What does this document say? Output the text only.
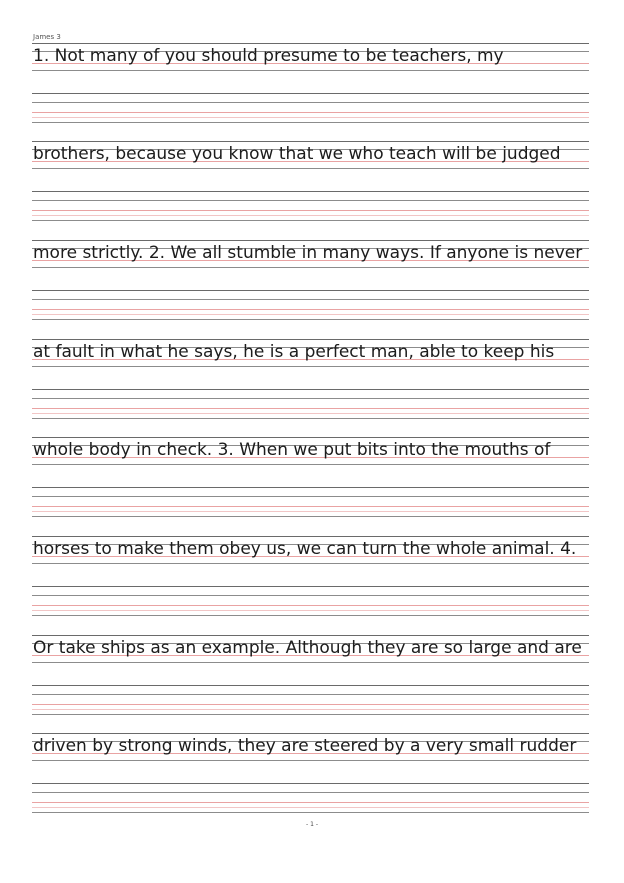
James 3
1. Not many of you should presume to be teachers, my
brothers, because you know that we who teach will be judged
more strictly. 2. We all stumble in many ways. If anyone is never
at fault in what he says, he is a perfect man, able to keep his
whole body in check. 3. When we put bits into the mouths of
horses to make them obey us, we can turn the whole animal. 4.
Or take ships as an example. Although they are so large and are
driven by strong winds, they are steered by a very small rudder
- 1 -
